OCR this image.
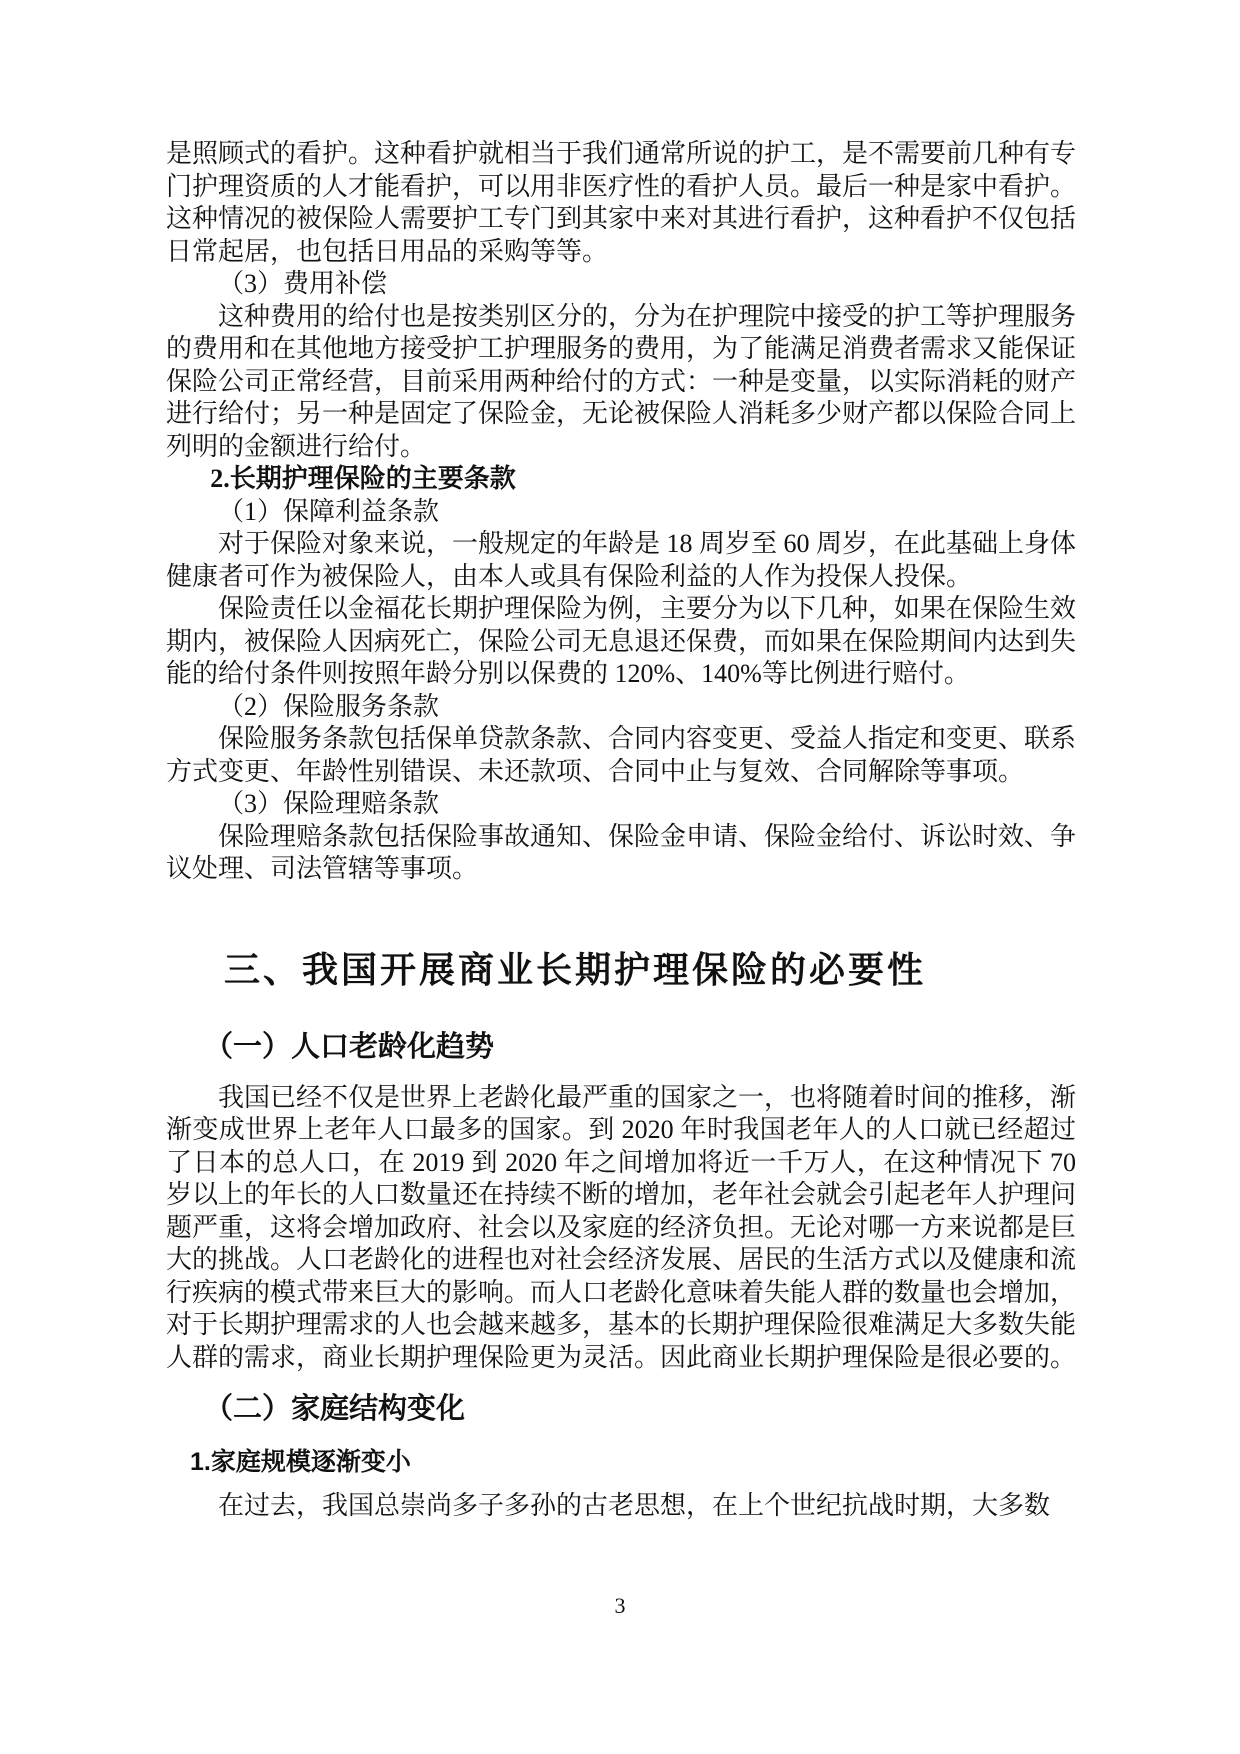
是照顾式的看护。这种看护就相当于我们通常所说的护工，是不需要前几种有专门护理资质的人才能看护，可以用非医疗性的看护人员。最后一种是家中看护。这种情况的被保险人需要护工专门到其家中来对其进行看护，这种看护不仅包括日常起居，也包括日用品的采购等等。
（3）费用补偿
这种费用的给付也是按类别区分的，分为在护理院中接受的护工等护理服务的费用和在其他地方接受护工护理服务的费用，为了能满足消费者需求又能保证保险公司正常经营，目前采用两种给付的方式：一种是变量，以实际消耗的财产进行给付；另一种是固定了保险金，无论被保险人消耗多少财产都以保险合同上列明的金额进行给付。
2.长期护理保险的主要条款
（1）保障利益条款
对于保险对象来说，一般规定的年龄是 18 周岁至 60 周岁，在此基础上身体健康者可作为被保险人，由本人或具有保险利益的人作为投保人投保。
保险责任以金福花长期护理保险为例，主要分为以下几种，如果在保险生效期内，被保险人因病死亡，保险公司无息退还保费，而如果在保险期间内达到失能的给付条件则按照年龄分别以保费的 120%、140%等比例进行赔付。
（2）保险服务条款
保险服务条款包括保单贷款条款、合同内容变更、受益人指定和变更、联系方式变更、年龄性别错误、未还款项、合同中止与复效、合同解除等事项。
（3）保险理赔条款
保险理赔条款包括保险事故通知、保险金申请、保险金给付、诉讼时效、争议处理、司法管辖等事项。
三、我国开展商业长期护理保险的必要性
（一）人口老龄化趋势
我国已经不仅是世界上老龄化最严重的国家之一，也将随着时间的推移，渐渐变成世界上老年人口最多的国家。到 2020 年时我国老年人的人口就已经超过了日本的总人口，在 2019 到 2020 年之间增加将近一千万人，在这种情况下 70 岁以上的年长的人口数量还在持续不断的增加，老年社会就会引起老年人护理问题严重，这将会增加政府、社会以及家庭的经济负担。无论对哪一方来说都是巨大的挑战。人口老龄化的进程也对社会经济发展、居民的生活方式以及健康和流行疾病的模式带来巨大的影响。而人口老龄化意味着失能人群的数量也会增加，对于长期护理需求的人也会越来越多，基本的长期护理保险很难满足大多数失能人群的需求，商业长期护理保险更为灵活。因此商业长期护理保险是很必要的。
（二）家庭结构变化
1.家庭规模逐渐变小
在过去，我国总崇尚多子多孙的古老思想，在上个世纪抗战时期，大多数
3
